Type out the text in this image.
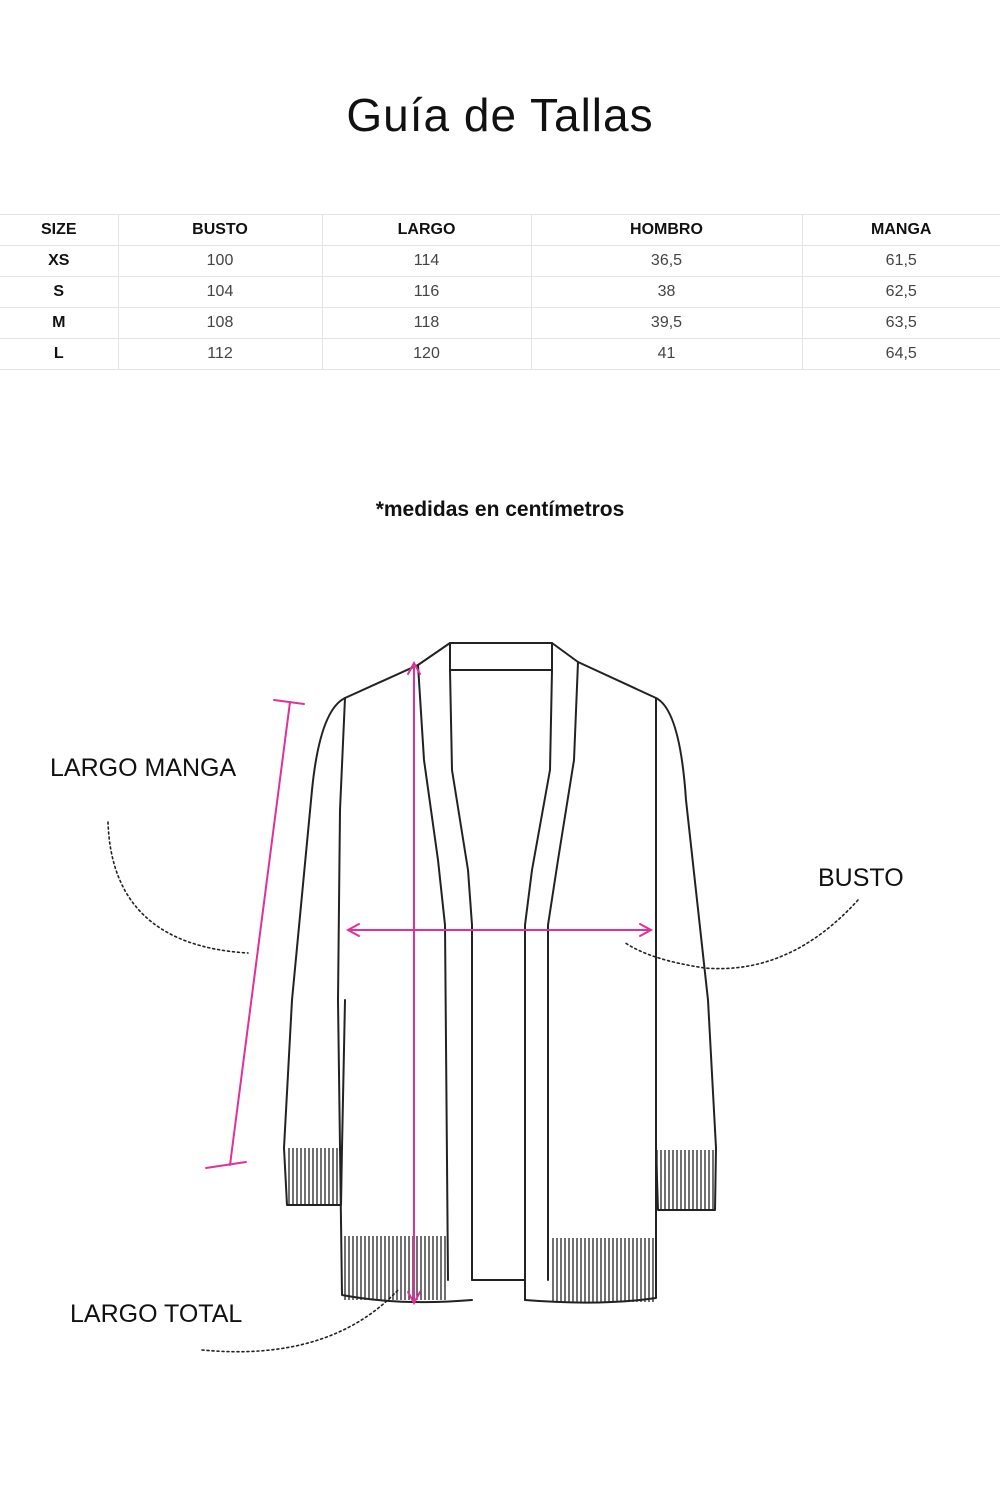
Guía de Tallas
SIZE	BUSTO	LARGO	HOMBRO	MANGA
XS	100	114	36,5	61,5
S	104	116	38	62,5
M	108	118	39,5	63,5
L	112	120	41	64,5
*medidas en centímetros
LARGO MANGA
BUSTO
LARGO TOTAL
